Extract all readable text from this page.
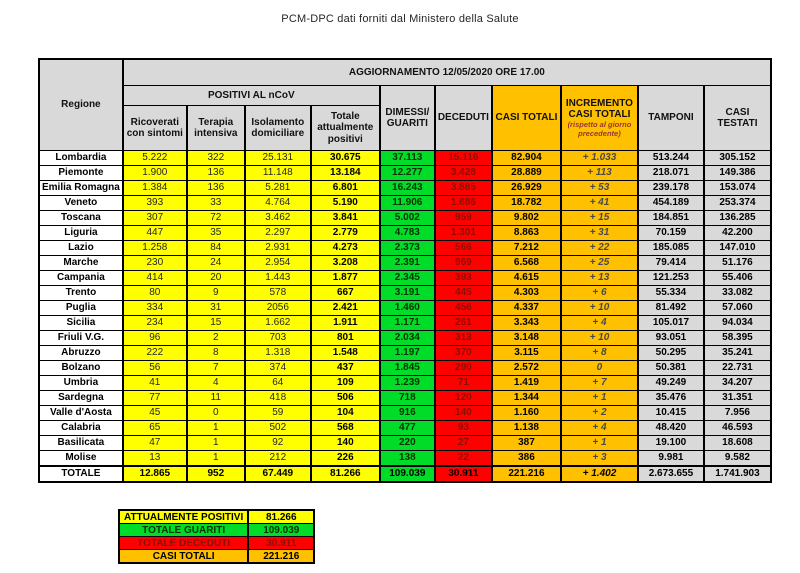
PCM-DPC dati forniti dal Ministero della Salute
Regione	AGGIORNAMENTO 12/05/2020 ORE 17.00									
	POSITIVI AL nCoV				DIMESSI/ GUARITI	DECEDUTI	CASI TOTALI	INCREMENTO CASI TOTALI
(rispetto al giorno precedente)	TAMPONI	CASI TESTATI
	Ricoverati con sintomi	Terapia intensiva	Isolamento domiciliare	Totale attualmente positivi						
Lombardia	5.222	322	25.131	30.675	37.113	15.116	82.904	+ 1.033	513.244	305.152
Piemonte	1.900	136	11.148	13.184	12.277	3.428	28.889	+ 113	218.071	149.386
Emilia Romagna	1.384	136	5.281	6.801	16.243	3.885	26.929	+ 53	239.178	153.074
Veneto	393	33	4.764	5.190	11.906	1.686	18.782	+ 41	454.189	253.374
Toscana	307	72	3.462	3.841	5.002	959	9.802	+ 15	184.851	136.285
Liguria	447	35	2.297	2.779	4.783	1.301	8.863	+ 31	70.159	42.200
Lazio	1.258	84	2.931	4.273	2.373	566	7.212	+ 22	185.085	147.010
Marche	230	24	2.954	3.208	2.391	969	6.568	+ 25	79.414	51.176
Campania	414	20	1.443	1.877	2.345	393	4.615	+ 13	121.253	55.406
Trento	80	9	578	667	3.191	445	4.303	+ 6	55.334	33.082
Puglia	334	31	2056	2.421	1.460	456	4.337	+ 10	81.492	57.060
Sicilia	234	15	1.662	1.911	1.171	261	3.343	+ 4	105.017	94.034
Friuli V.G.	96	2	703	801	2.034	313	3.148	+ 10	93.051	58.395
Abruzzo	222	8	1.318	1.548	1.197	370	3.115	+ 8	50.295	35.241
Bolzano	56	7	374	437	1.845	290	2.572	0	50.381	22.731
Umbria	41	4	64	109	1.239	71	1.419	+ 7	49.249	34.207
Sardegna	77	11	418	506	718	120	1.344	+ 1	35.476	31.351
Valle d'Aosta	45	0	59	104	916	140	1.160	+ 2	10.415	7.956
Calabria	65	1	502	568	477	93	1.138	+ 4	48.420	46.593
Basilicata	47	1	92	140	220	27	387	+ 1	19.100	18.608
Molise	13	1	212	226	138	22	386	+ 3	9.981	9.582
TOTALE	12.865	952	67.449	81.266	109.039	30.911	221.216	+ 1.402	2.673.655	1.741.903
ATTUALMENTE POSITIVI	81.266
TOTALE GUARITI	109.039
TOTALE DECEDUTI	30.911
CASI TOTALI	221.216
